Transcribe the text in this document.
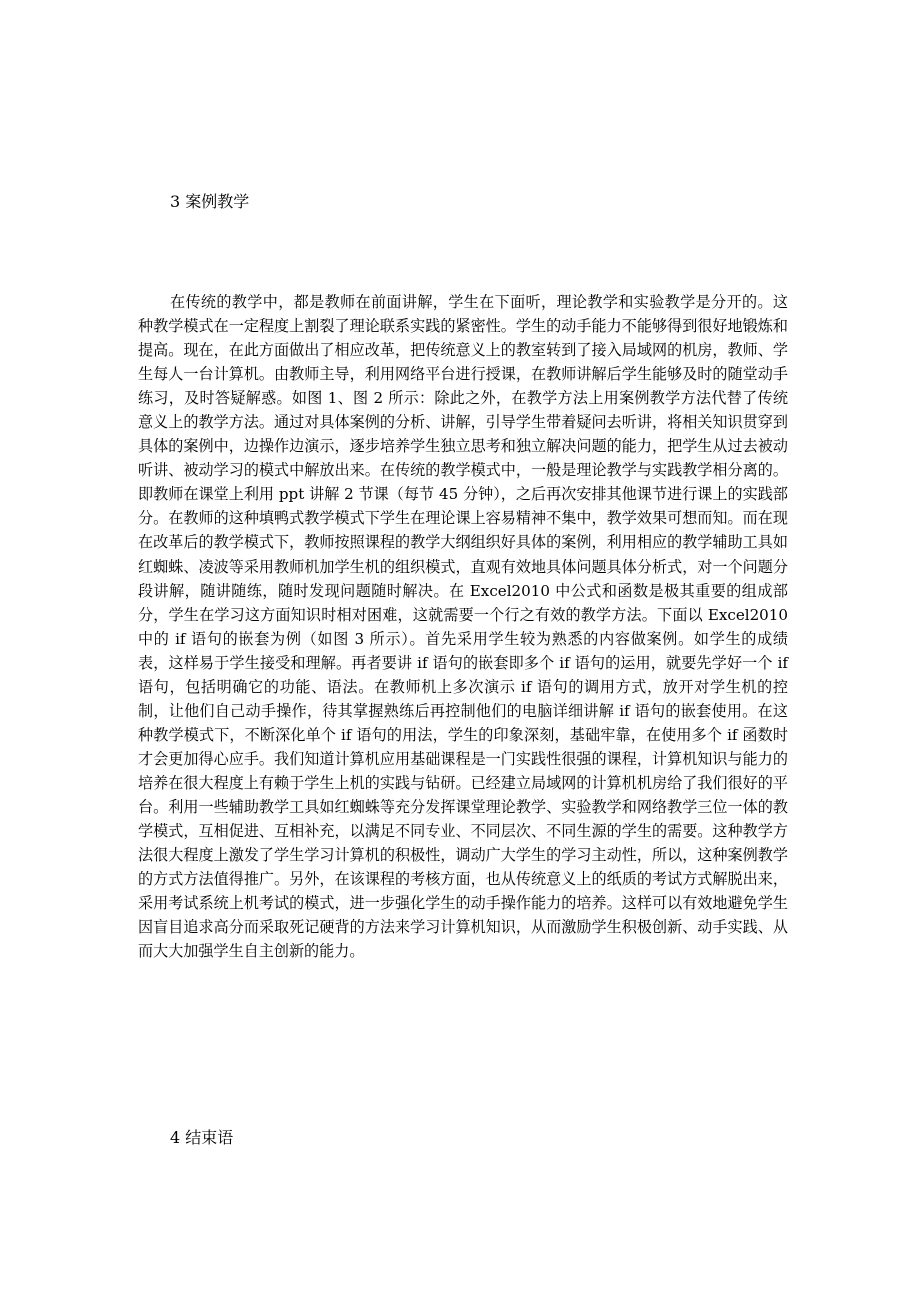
3 案例教学

在传统的教学中，都是教师在前面讲解，学生在下面听，理论教学和实验教学是分开的。这种教学模式在一定程度上割裂了理论联系实践的紧密性。学生的动手能力不能够得到很好地锻炼和提高。现在，在此方面做出了相应改革，把传统意义上的教室转到了接入局域网的机房，教师、学生每人一台计算机。由教师主导，利用网络平台进行授课，在教师讲解后学生能够及时的随堂动手练习，及时答疑解惑。如图 1、图 2 所示：除此之外，在教学方法上用案例教学方法代替了传统意义上的教学方法。通过对具体案例的分析、讲解，引导学生带着疑问去听讲，将相关知识贯穿到具体的案例中，边操作边演示，逐步培养学生独立思考和独立解决问题的能力，把学生从过去被动听讲、被动学习的模式中解放出来。在传统的教学模式中，一般是理论教学与实践教学相分离的。即教师在课堂上利用 ppt 讲解 2 节课（每节 45 分钟），之后再次安排其他课节进行课上的实践部分。在教师的这种填鸭式教学模式下学生在理论课上容易精神不集中，教学效果可想而知。而在现在改革后的教学模式下，教师按照课程的教学大纲组织好具体的案例，利用相应的教学辅助工具如红蜘蛛、凌波等采用教师机加学生机的组织模式，直观有效地具体问题具体分析式，对一个问题分段讲解，随讲随练，随时发现问题随时解决。在 Excel2010 中公式和函数是极其重要的组成部分，学生在学习这方面知识时相对困难，这就需要一个行之有效的教学方法。下面以 Excel2010 中的 if 语句的嵌套为例（如图 3 所示）。首先采用学生较为熟悉的内容做案例。如学生的成绩表，这样易于学生接受和理解。再者要讲 if 语句的嵌套即多个 if 语句的运用，就要先学好一个 if 语句，包括明确它的功能、语法。在教师机上多次演示 if 语句的调用方式，放开对学生机的控制，让他们自己动手操作，待其掌握熟练后再控制他们的电脑详细讲解 if 语句的嵌套使用。在这种教学模式下，不断深化单个 if 语句的用法，学生的印象深刻，基础牢靠，在使用多个 if 函数时才会更加得心应手。我们知道计算机应用基础课程是一门实践性很强的课程，计算机知识与能力的培养在很大程度上有赖于学生上机的实践与钻研。已经建立局域网的计算机机房给了我们很好的平台。利用一些辅助教学工具如红蜘蛛等充分发挥课堂理论教学、实验教学和网络教学三位一体的教学模式，互相促进、互相补充，以满足不同专业、不同层次、不同生源的学生的需要。这种教学方法很大程度上激发了学生学习计算机的积极性，调动广大学生的学习主动性，所以，这种案例教学的方式方法值得推广。另外，在该课程的考核方面，也从传统意义上的纸质的考试方式解脱出来，采用考试系统上机考试的模式，进一步强化学生的动手操作能力的培养。这样可以有效地避免学生因盲目追求高分而采取死记硬背的方法来学习计算机知识，从而激励学生积极创新、动手实践、从而大大加强学生自主创新的能力。

4 结束语
